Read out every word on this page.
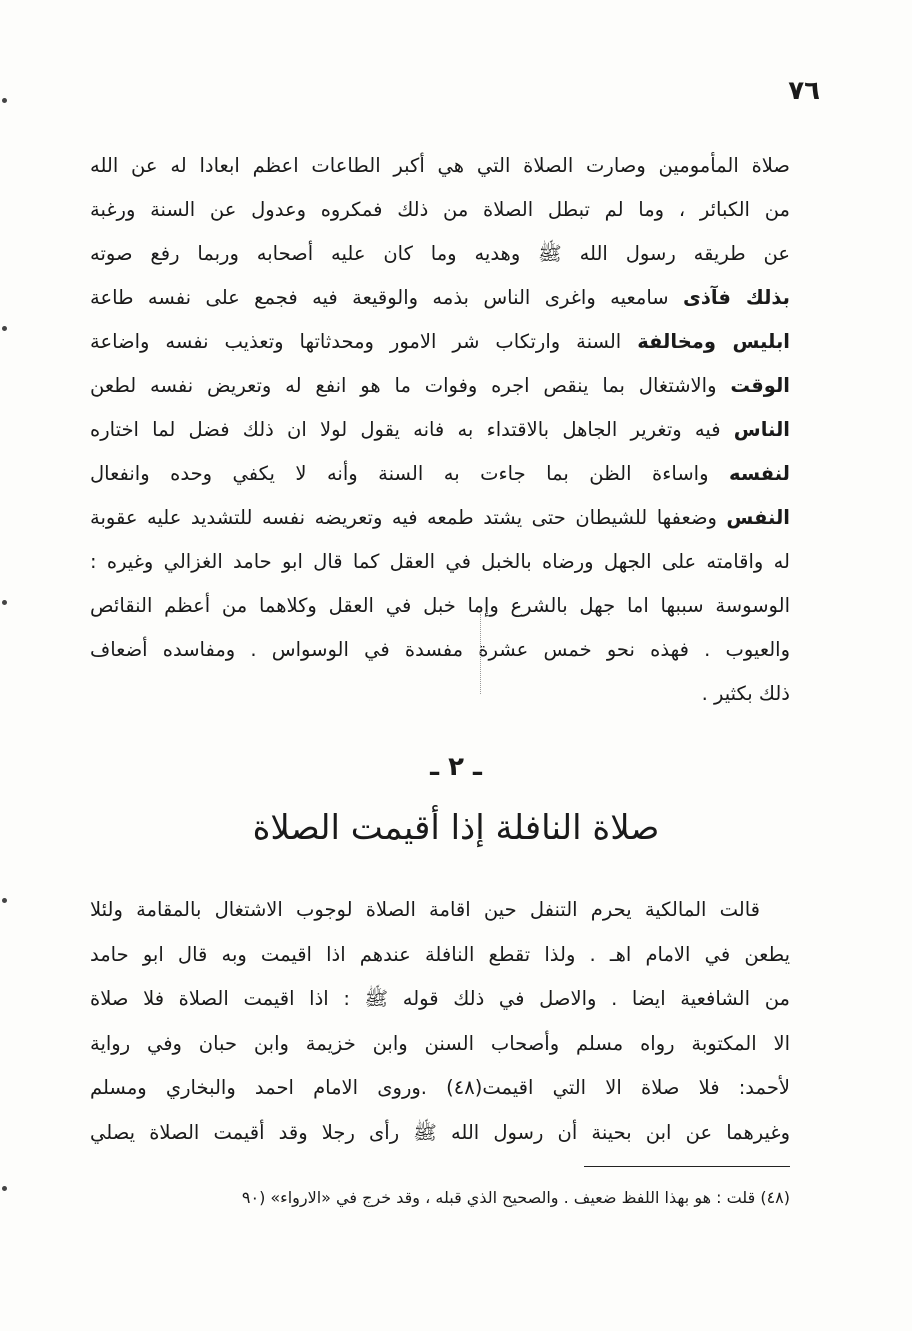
٧٦
صلاة المأمومين وصارت الصلاة التي هي أكبر الطاعات اعظم ابعادا له عن الله
من الكبائر ، وما لم تبطل الصلاة من ذلك فمكروه وعدول عن السنة ورغبة
عن طريقه رسول الله ﷺ وهديه وما كان عليه أصحابه وربما رفع صوته
بذلك فآذى سامعيه واغرى الناس بذمه والوقيعة فيه فجمع على نفسه طاعة
ابليس ومخالفة السنة وارتكاب شر الامور ومحدثاتها وتعذيب نفسه واضاعة
الوقت والاشتغال بما ينقص اجره وفوات ما هو انفع له وتعريض نفسه لطعن
الناس فيه وتغرير الجاهل بالاقتداء به فانه يقول لولا ان ذلك فضل لما اختاره
لنفسه واساءة الظن بما جاءت به السنة وأنه لا يكفي وحده وانفعال
النفس وضعفها للشيطان حتى يشتد طمعه فيه وتعريضه نفسه للتشديد عليه عقوبة
له واقامته على الجهل ورضاه بالخبل في العقل كما قال ابو حامد الغزالي وغيره :
الوسوسة سببها اما جهل بالشرع وإما خبل في العقل وكلاهما من أعظم النقائص
والعيوب . فهذه نحو خمس عشرة مفسدة في الوسواس . ومفاسده أضعاف
ذلك بكثير .
ـ ٢ ـ
صلاة النافلة إذا أقيمت الصلاة
قالت المالكية يحرم التنفل حين اقامة الصلاة لوجوب الاشتغال بالمقامة ولئلا
يطعن في الامام اهـ . ولذا تقطع النافلة عندهم اذا اقيمت وبه قال ابو حامد
من الشافعية ايضا . والاصل في ذلك قوله ﷺ : اذا اقيمت الصلاة فلا صلاة
الا المكتوبة رواه مسلم وأصحاب السنن وابن خزيمة وابن حبان وفي رواية
لأحمد: فلا صلاة الا التي اقيمت(٤٨) .وروى الامام احمد والبخاري ومسلم
وغيرهما عن ابن بحينة أن رسول الله ﷺ رأى رجلا وقد أقيمت الصلاة يصلي
(٤٨) قلت : هو بهذا اللفظ ضعيف . والصحيح الذي قبله ، وقد خرج في «الارواء» (٩٠
